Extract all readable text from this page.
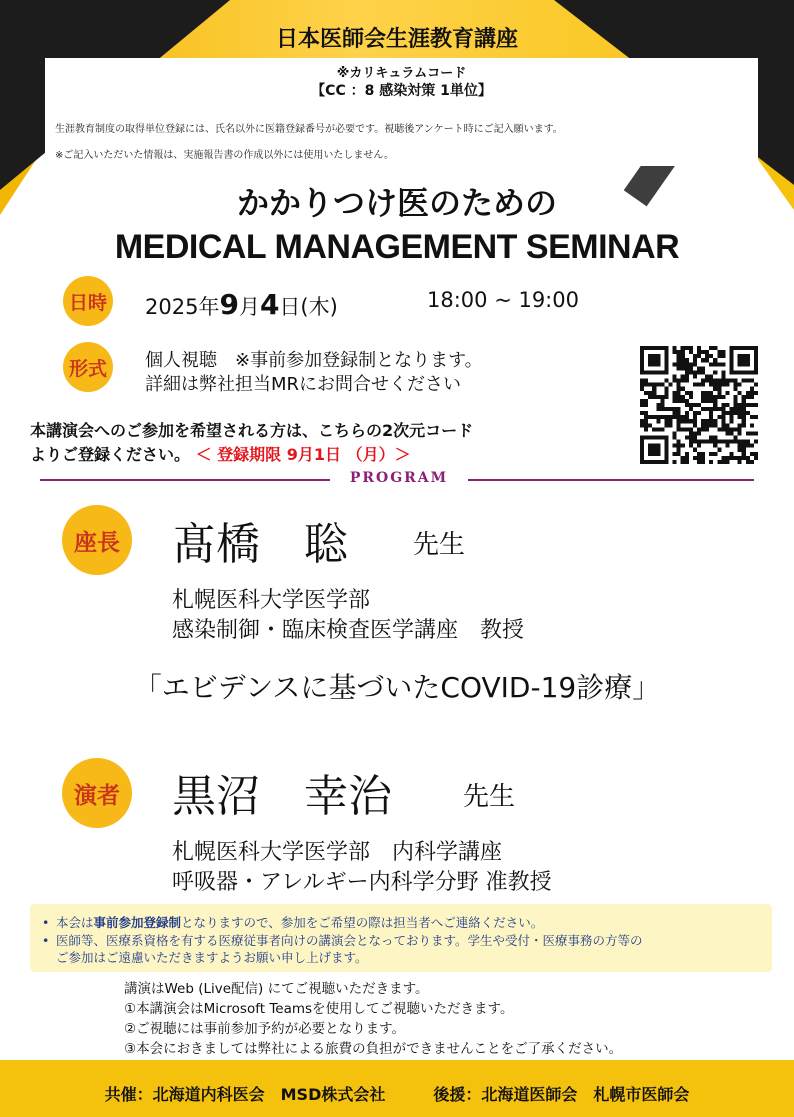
日本医師会生涯教育講座
※カリキュラムコード
【CC ：8 感染対策 1単位】
生涯教育制度の取得単位登録には、氏名以外に医籍登録番号が必要です。視聴後アンケート時にご記入願います。
※ご記入いただいた情報は、実施報告書の作成以外には使用いたしません。
かかりつけ医のための
MEDICAL MANAGEMENT SEMINAR
日時 2025年9月4日(木)	18:00 ~ 19:00
形式	個人視聴　※事前参加登録制となります。
詳細は弊社担当MRにお問合せください
本講演会へのご参加を希望される方は、こちらの2次元コード
よりご登録ください。 ＜ 登録期限 9月1日 （月）＞
PROGRAM
座長 髙橋　聡	先生
札幌医科大学医学部
感染制御・臨床検査医学講座　教授
「エビデンスに基づいたCOVID-19診療」
演者 黒沼　幸治	先生
札幌医科大学医学部　内科学講座
呼吸器・アレルギー内科学分野 准教授
• 本会は事前参加登録制となりますので、参加をご希望の際は担当者へご連絡ください。
• 医師等、医療系資格を有する医療従事者向けの講演会となっております。学生や受付・医療事務の方等の
ご参加はご遠慮いただきますようお願い申し上げます。
講演はWeb (Live配信) にてご視聴いただきます。
①本講演会はMicrosoft Teamsを使用してご視聴いただきます。
②ご視聴には事前参加予約が必要となります。
③本会におきましては弊社による旅費の負担ができませんことをご了承ください。
共催：北海道内科医会　MSD株式会社　　　後援：北海道医師会　札幌市医師会
